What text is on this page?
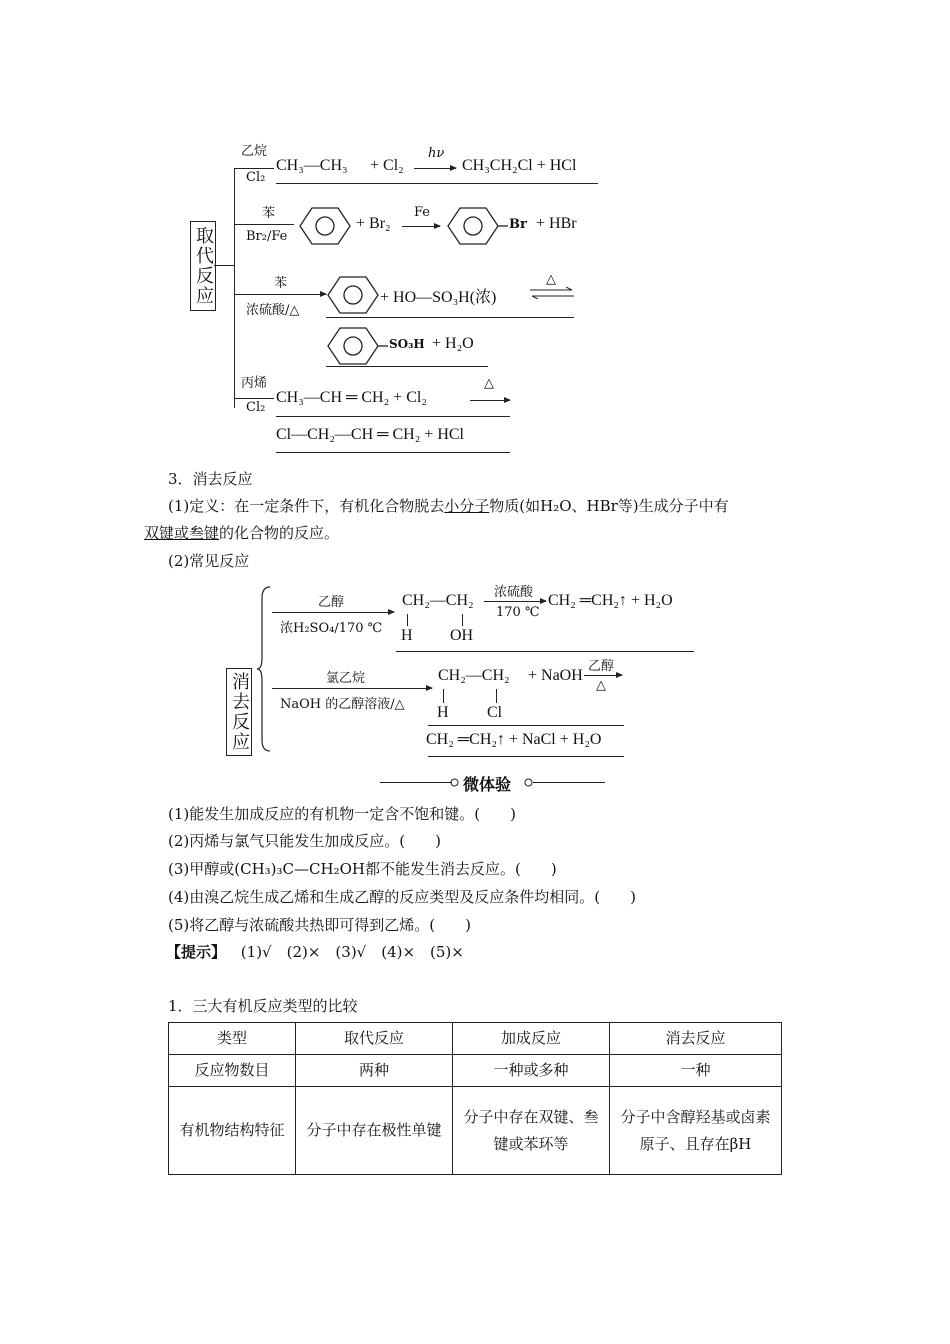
取代反应
乙烷
Cl₂
CH₃—CH₃ + Cl₂
hν
CH₃CH₂Cl + HCl
苯
Br₂/Fe
+ Br₂
Fe
Br + HBr
苯
浓硫酸/△
+ HO—SO₃H(浓)
△
SO₃H + H₂O
丙烯
Cl₂
CH₃—CH ═ CH₂ + Cl₂
△
Cl—CH₂—CH ═ CH₂ + HCl
3．消去反应
(1)定义：在一定条件下，有机化合物脱去小分子物质(如H₂O、HBr等)生成分子中有
双键或叁键的化合物的反应。
(2)常见反应
消去反应
乙醇
浓H₂SO₄/170 ℃
CH₂—CH₂
H OH
浓硫酸
170 ℃
CH₂ ═CH₂↑ + H₂O
氯乙烷
NaOH 的乙醇溶液/△
CH₂—CH₂
H Cl
+ NaOH
乙醇
△
CH₂ ═CH₂↑ + NaCl + H₂O
微体验
(1)能发生加成反应的有机物一定含不饱和键。(　　)
(2)丙烯与氯气只能发生加成反应。(　　)
(3)甲醇或(CH₃)₃C—CH₂OH都不能发生消去反应。(　　)
(4)由溴乙烷生成乙烯和生成乙醇的反应类型及反应条件均相同。(　　)
(5)将乙醇与浓硫酸共热即可得到乙烯。(　　)
【提示】 (1)√　(2)×　(3)√　(4)×　(5)×
1．三大有机反应类型的比较
类型	取代反应	加成反应	消去反应
反应物数目	两种	一种或多种	一种
有机物结构特征	分子中存在极性单键	分子中存在双键、叁键或苯环等	分子中含醇羟基或卤素原子、且存在βH
